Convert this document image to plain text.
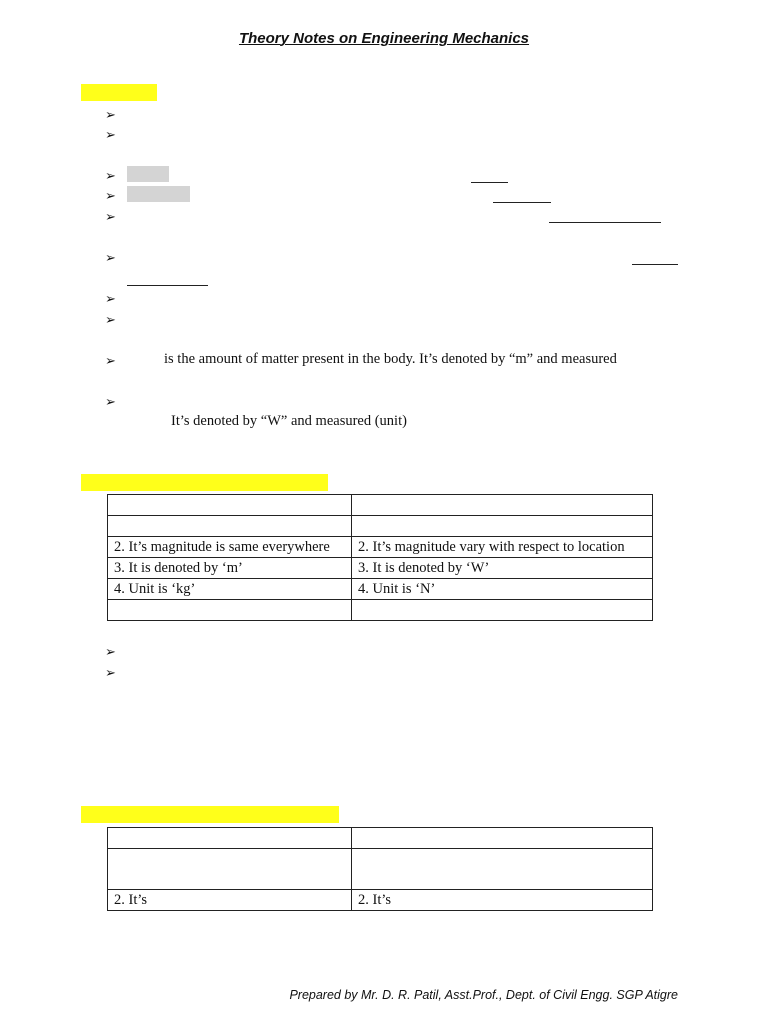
Theory Notes on Engineering Mechanics
➢
➢
➢
➢
➢
➢
➢
➢
➢	is the amount of matter present in the body. It’s denoted by “m” and measured
➢
It’s denoted by “W” and measured (unit)

2. It’s magnitude is same everywhere	2. It’s magnitude vary with respect to location
3. It is denoted by ‘m’	3. It is denoted by ‘W’
4. Unit is ‘kg’	4. Unit is ‘N’

➢
➢

2. It’s	2. It’s
Prepared by Mr. D. R. Patil, Asst.Prof., Dept. of Civil Engg. SGP Atigre
